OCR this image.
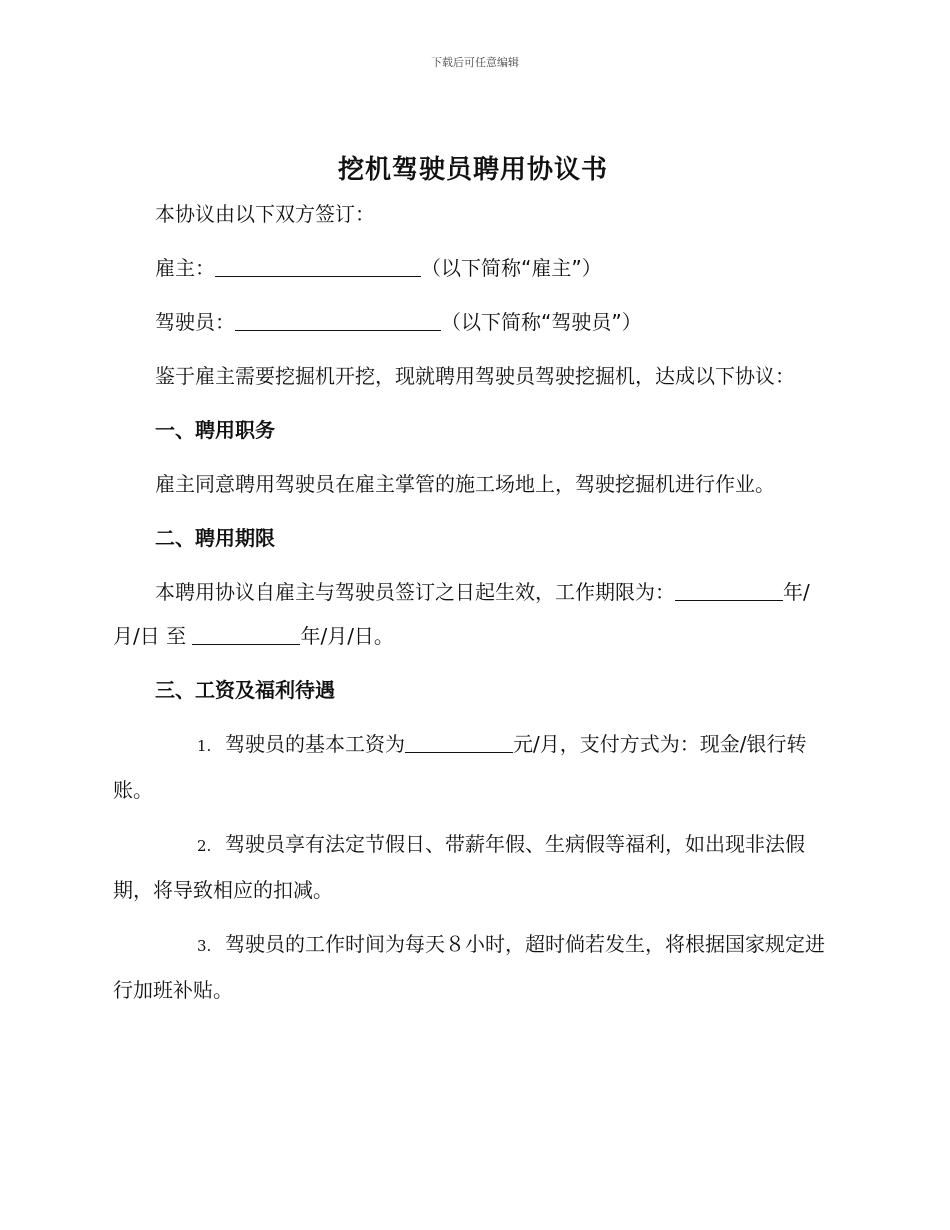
下载后可任意编辑
挖机驾驶员聘用协议书

本协议由以下双方签订：

雇主：	（以下简称“雇主”）

驾驶员：	（以下简称“驾驶员”）

鉴于雇主需要挖掘机开挖，现就聘用驾驶员驾驶挖掘机，达成以下协议：

一、聘用职务

雇主同意聘用驾驶员在雇主掌管的施工场地上，驾驶挖掘机进行作业。

二、聘用期限

本聘用协议自雇主与驾驶员签订之日起生效，工作期限为：	年/月/日 至	年/月/日。

三、工资及福利待遇

1. 驾驶员的基本工资为	元/月，支付方式为：现金/银行转账。

2. 驾驶员享有法定节假日、带薪年假、生病假等福利，如出现非法假期，将导致相应的扣减。

3. 驾驶员的工作时间为每天８小时，超时倘若发生，将根据国家规定进行加班补贴。
